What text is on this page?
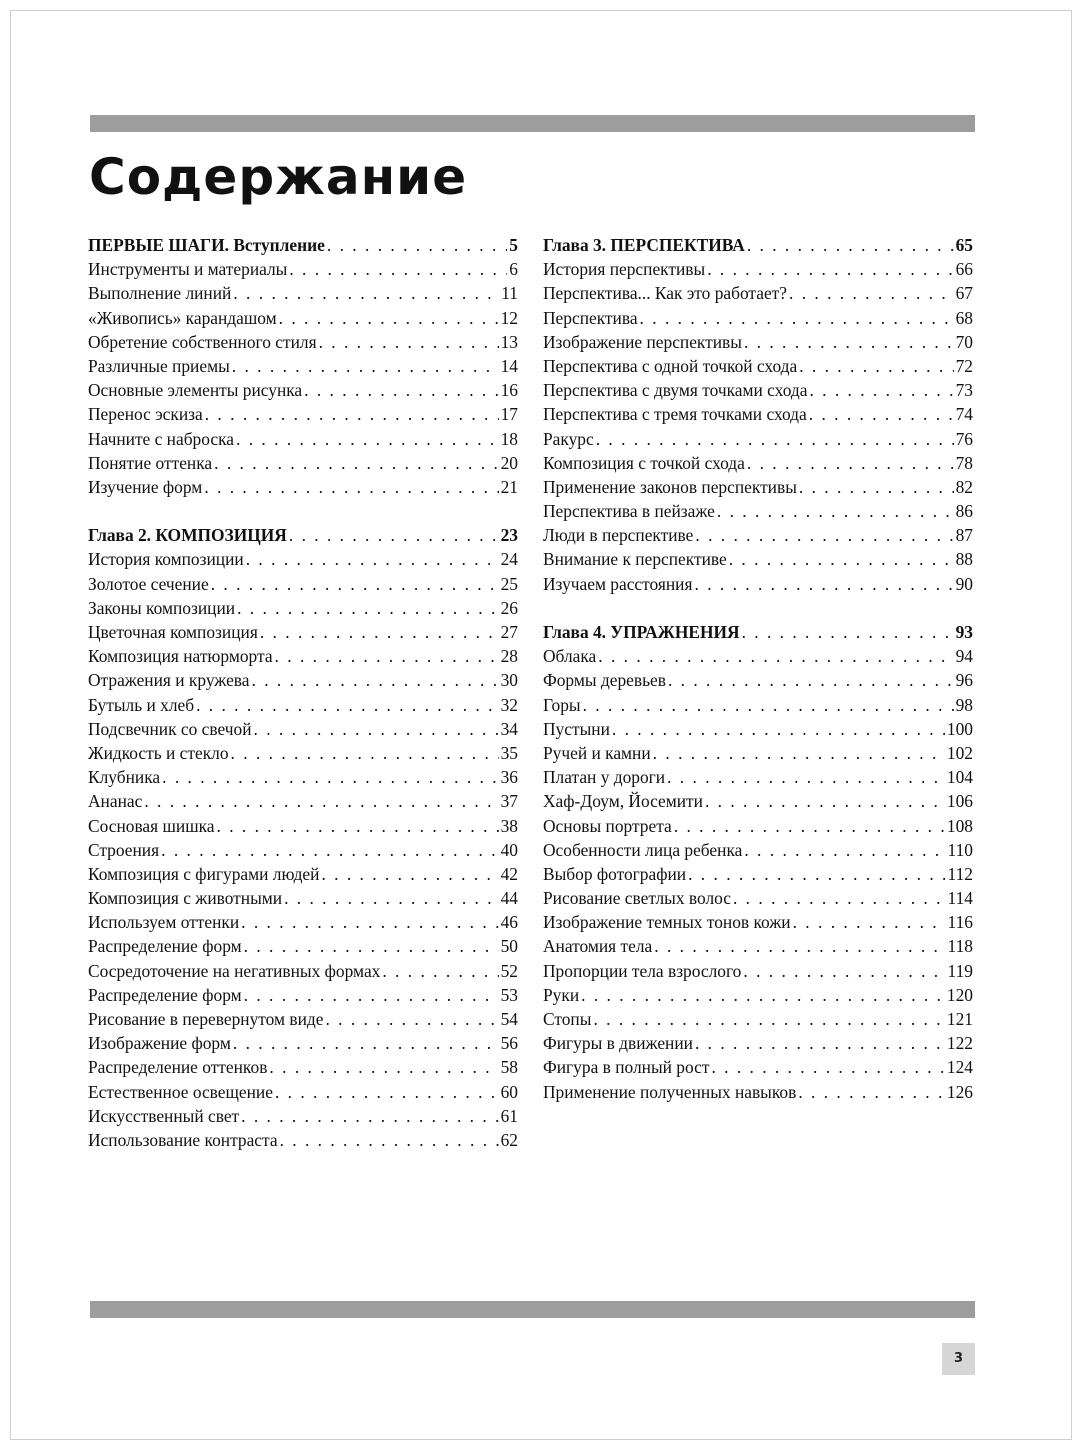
Содержание
ПЕРВЫЕ ШАГИ. Вступление . . .	5
Инструменты и материалы . . .	6
Выполнение линий . . .	11
«Живопись» карандашом . . .	12
Обретение собственного стиля . . .	13
Различные приемы . . .	14
Основные элементы рисунка . . .	16
Перенос эскиза . . .	17
Начните с наброска . . .	18
Понятие оттенка . . .	20
Изучение форм . . .	21
Глава 2. КОМПОЗИЦИЯ . . .	23
История композиции . . .	24
Золотое сечение . . .	25
Законы композиции . . .	26
Цветочная композиция . . .	27
Композиция натюрморта . . .	28
Отражения и кружева . . .	30
Бутыль и хлеб . . .	32
Подсвечник со свечой . . .	34
Жидкость и стекло . . .	35
Клубника . . .	36
Ананас . . .	37
Сосновая шишка . . .	38
Строения . . .	40
Композиция с фигурами людей . . .	42
Композиция с животными . . .	44
Используем оттенки . . .	46
Распределение форм . . .	50
Сосредоточение на негативных формах . . .	52
Распределение форм . . .	53
Рисование в перевернутом виде . . .	54
Изображение форм . . .	56
Распределение оттенков . . .	58
Естественное освещение . . .	60
Искусственный свет . . .	61
Использование контраста . . .	62
Глава 3. ПЕРСПЕКТИВА . . .	65
История перспективы . . .	66
Перспектива... Как это работает? . . .	67
Перспектива . . .	68
Изображение перспективы . . .	70
Перспектива с одной точкой схода . . .	72
Перспектива с двумя точками схода . . .	73
Перспектива с тремя точками схода . . .	74
Ракурс . . .	76
Композиция с точкой схода . . .	78
Применение законов перспективы . . .	82
Перспектива в пейзаже . . .	86
Люди в перспективе . . .	87
Внимание к перспективе . . .	88
Изучаем расстояния . . .	90
Глава 4. УПРАЖНЕНИЯ . . .	93
Облака . . .	94
Формы деревьев . . .	96
Горы . . .	98
Пустыни . . .	100
Ручей и камни . . .	102
Платан у дороги . . .	104
Хаф-Доум, Йосемити . . .	106
Основы портрета . . .	108
Особенности лица ребенка . . .	110
Выбор фотографии . . .	112
Рисование светлых волос . . .	114
Изображение темных тонов кожи . . .	116
Анатомия тела . . .	118
Пропорции тела взрослого . . .	119
Руки . . .	120
Стопы . . .	121
Фигуры в движении . . .	122
Фигура в полный рост . . .	124
Применение полученных навыков . . .	126
3
